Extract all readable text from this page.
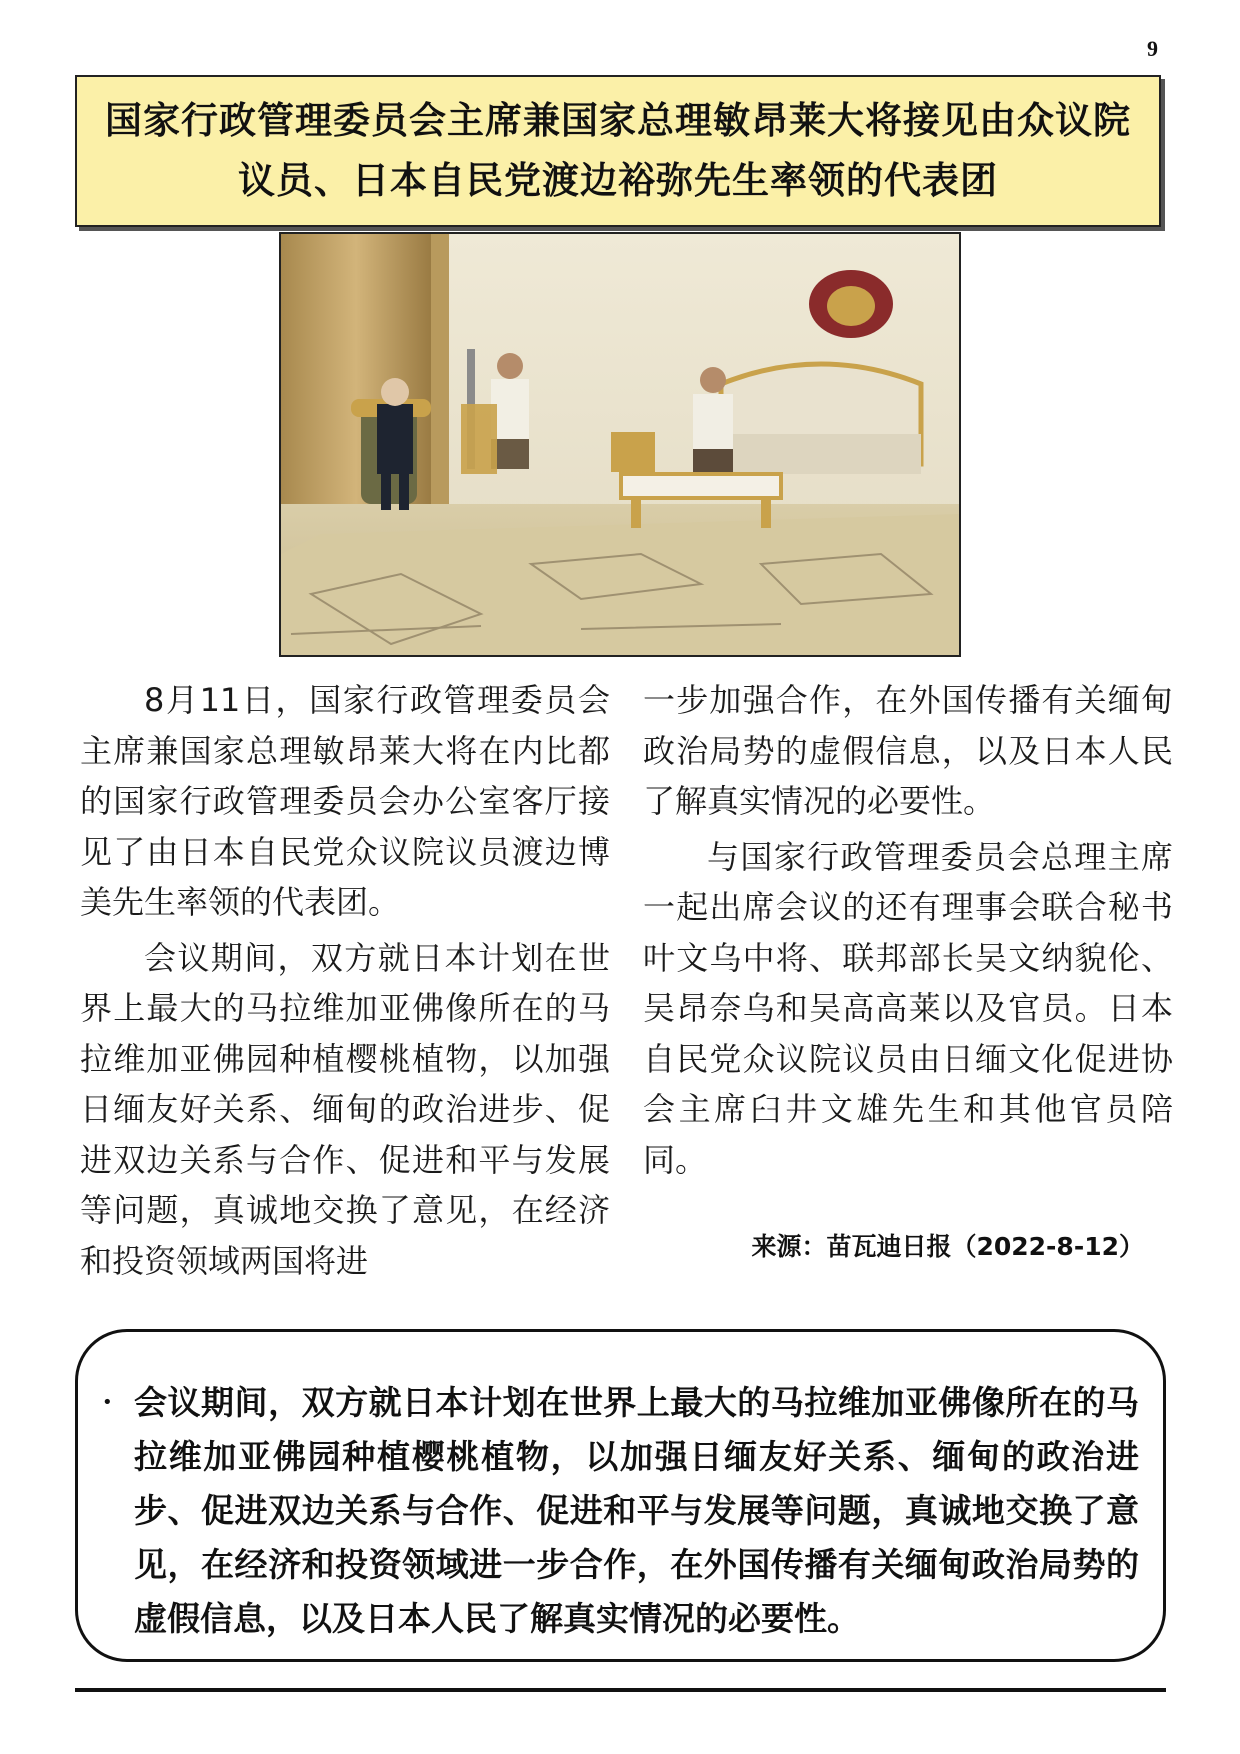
9
国家行政管理委员会主席兼国家总理敏昂莱大将接见由众议院议员、日本自民党渡边裕弥先生率领的代表团

8月11日，国家行政管理委员会主席兼国家总理敏昂莱大将在内比都的国家行政管理委员会办公室客厅接见了由日本自民党众议院议员渡边博美先生率领的代表团。

会议期间，双方就日本计划在世界上最大的马拉维加亚佛像所在的马拉维加亚佛园种植樱桃植物，以加强日缅友好关系、缅甸的政治进步、促进双边关系与合作、促进和平与发展等问题，真诚地交换了意见，在经济和投资领域两国将进

一步加强合作，在外国传播有关缅甸政治局势的虚假信息，以及日本人民了解真实情况的必要性。

与国家行政管理委员会总理主席一起出席会议的还有理事会联合秘书叶文乌中将、联邦部长吴文纳貌伦、吴昂奈乌和吴高高莱以及官员。日本自民党众议院议员由日缅文化促进协会主席臼井文雄先生和其他官员陪同。

来源：苗瓦迪日报（2022-8-12）
• 会议期间，双方就日本计划在世界上最大的马拉维加亚佛像所在的马拉维加亚佛园种植樱桃植物，以加强日缅友好关系、缅甸的政治进步、促进双边关系与合作、促进和平与发展等问题，真诚地交换了意见，在经济和投资领域进一步合作，在外国传播有关缅甸政治局势的虚假信息，以及日本人民了解真实情况的必要性。
